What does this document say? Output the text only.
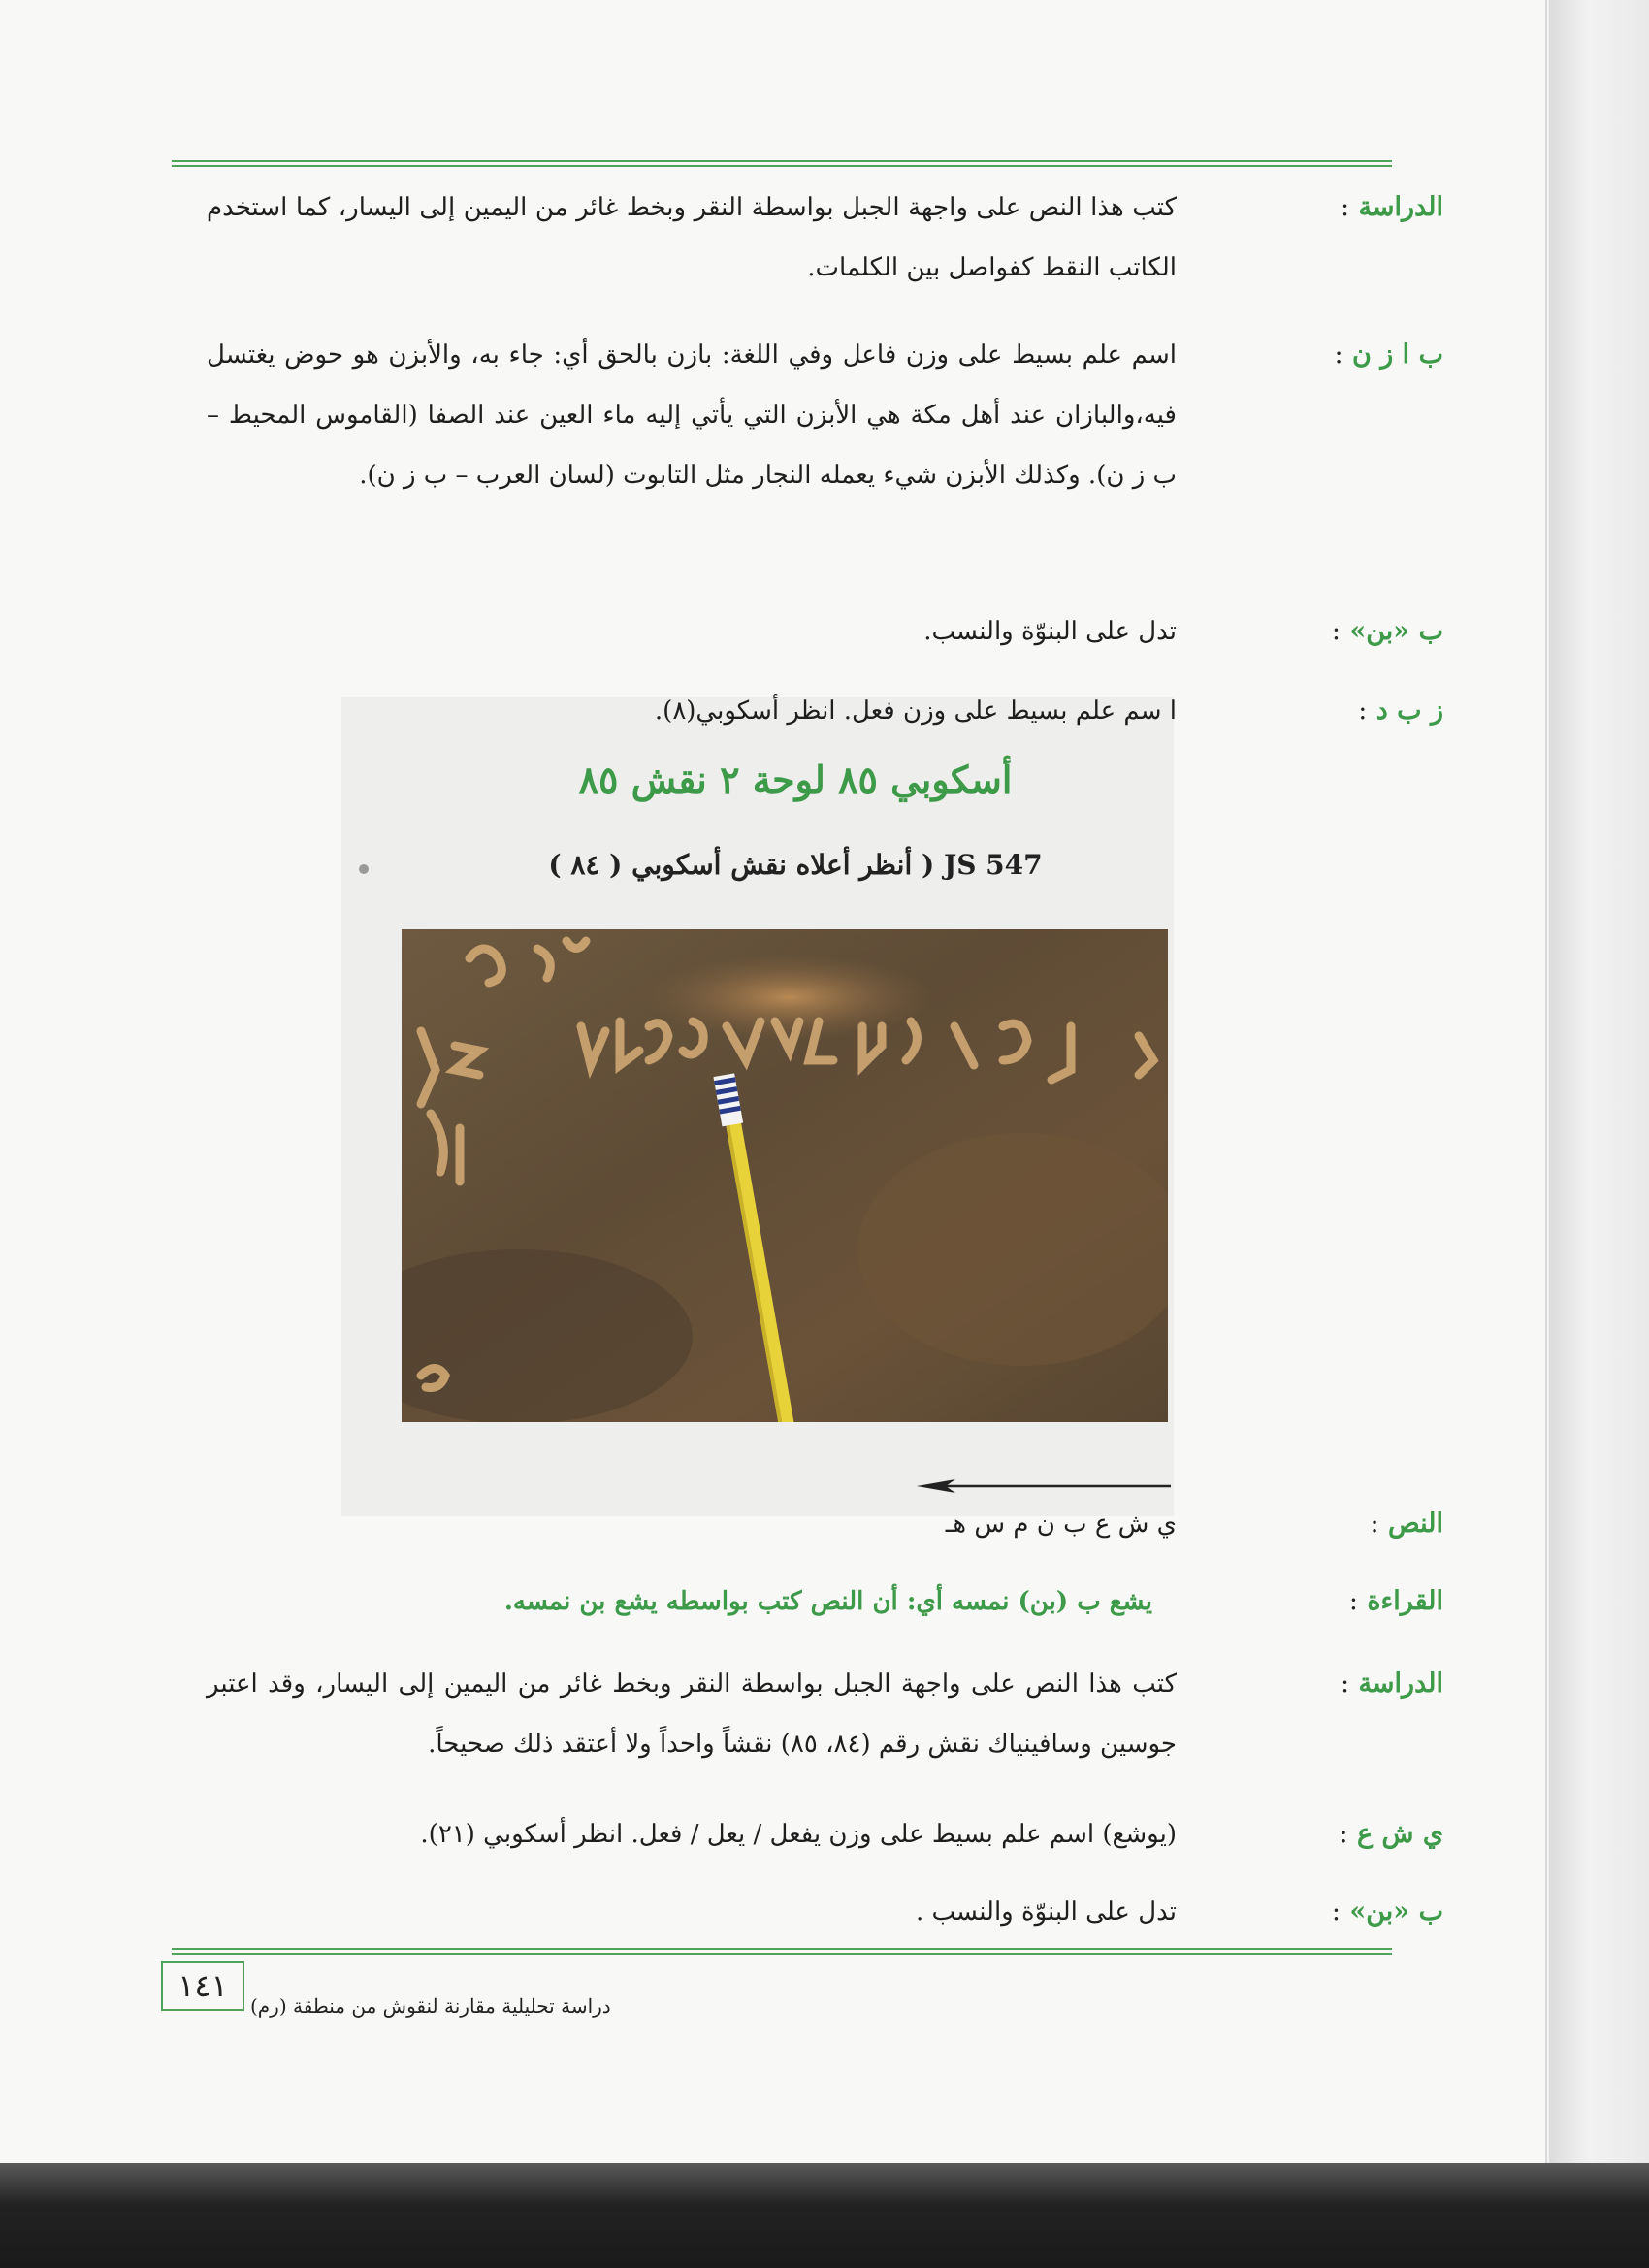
الدراسة :
كتب هذا النص على واجهة الجبل بواسطة النقر وبخط غائر من اليمين إلى اليسار، كما استخدم الكاتب النقط كفواصل بين الكلمات.
ب ا ز ن :
اسم علم بسيط على وزن فاعل وفي اللغة: بازن بالحق أي: جاء به، والأبزن هو حوض يغتسل فيه،والبازان عند أهل مكة هي الأبزن التي يأتي إليه ماء العين عند الصفا (القاموس المحيط – ب ز ن). وكذلك الأبزن شيء يعمله النجار مثل التابوت (لسان العرب – ب ز ن).
ب «بن» :
تدل على البنوّة والنسب.
ز ب د :
ا سم علم بسيط على وزن فعل. انظر أسكوبي(٨).
أسكوبي ٨٥ لوحة ٢ نقش ٨٥
JS 547 ( أنظر أعلاه نقش أسكوبي ( ٨٤ )
النص :
ي ش ع ب ن م س هـ
القراءة :
يشع ب (بن) نمسه أي: أن النص كتب بواسطه يشع بن نمسه.
الدراسة :
كتب هذا النص على واجهة الجبل بواسطة النقر وبخط غائر من اليمين إلى اليسار، وقد اعتبر جوسين وسافينياك نقش رقم (٨٤، ٨٥) نقشاً واحداً ولا أعتقد ذلك صحيحاً.
ي ش ع :
(يوشع) اسم علم بسيط على وزن يفعل / يعل / فعل. انظر أسكوبي (٢١).
ب «بن» :
تدل على البنوّة والنسب .
١٤١
دراسة تحليلية مقارنة لنقوش من منطقة (رم)
